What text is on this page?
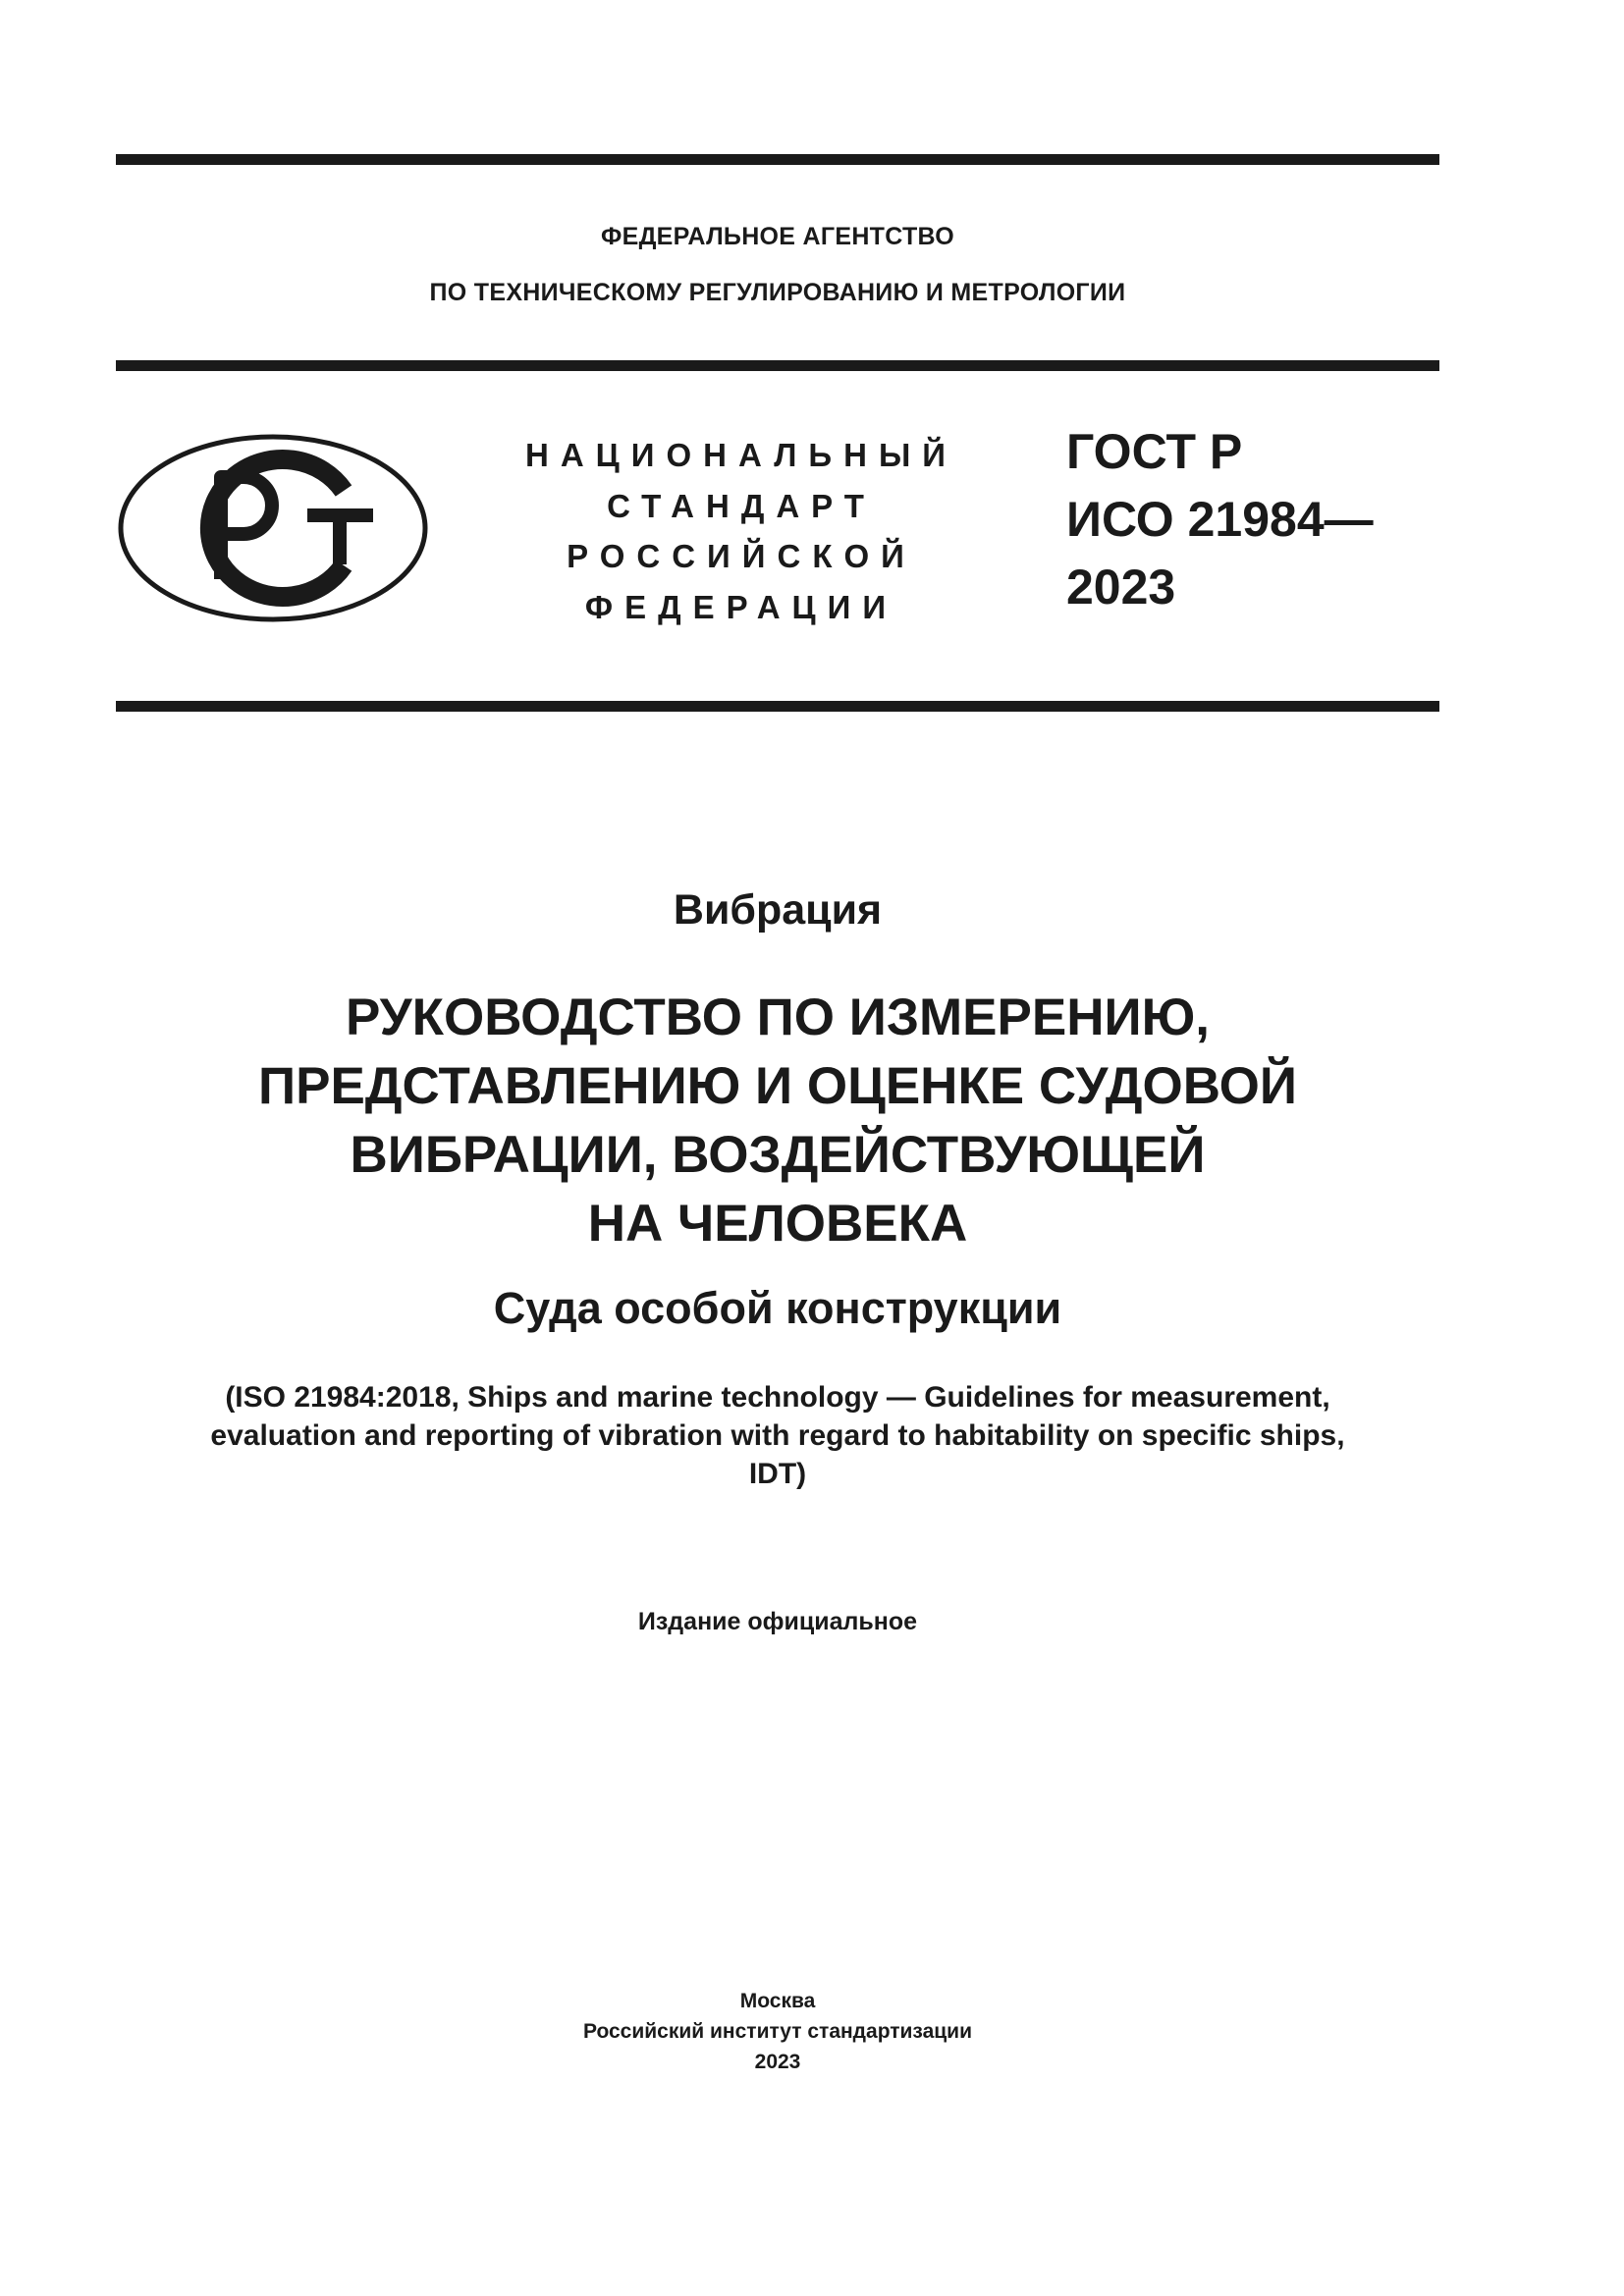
ФЕДЕРАЛЬНОЕ АГЕНТСТВО
ПО ТЕХНИЧЕСКОМУ РЕГУЛИРОВАНИЮ И МЕТРОЛОГИИ
НАЦИОНАЛЬНЫЙ
СТАНДАРТ
РОССИЙСКОЙ
ФЕДЕРАЦИИ
ГОСТ Р
ИСО 21984—
2023
Вибрация
РУКОВОДСТВО ПО ИЗМЕРЕНИЮ,
ПРЕДСТАВЛЕНИЮ И ОЦЕНКЕ СУДОВОЙ
ВИБРАЦИИ, ВОЗДЕЙСТВУЮЩЕЙ
НА ЧЕЛОВЕКА
Суда особой конструкции
(ISO 21984:2018, Ships and marine technology — Guidelines for measurement,
evaluation and reporting of vibration with regard to habitability on specific ships,
IDT)
Издание официальное
Москва
Российский институт стандартизации
2023
